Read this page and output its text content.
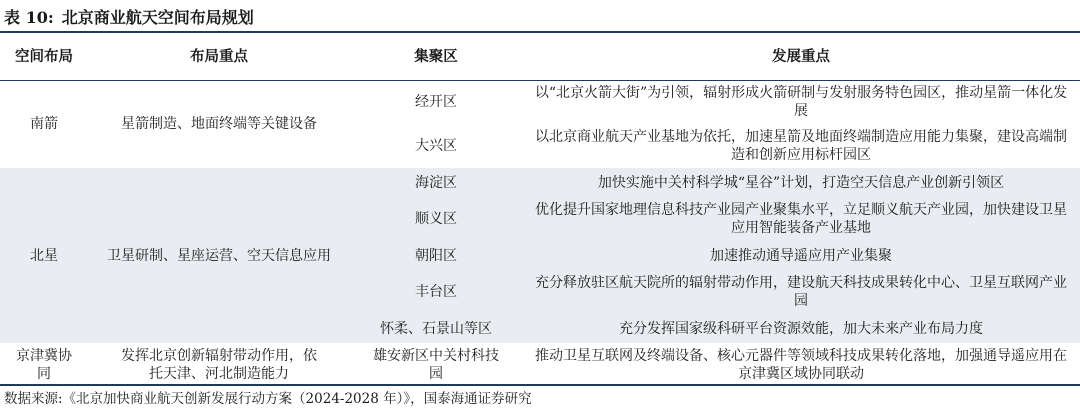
表 10: 北京商业航天空间布局规划
空间布局	布局重点	集聚区	发展重点
南箭	星箭制造、地面终端等关键设备	经开区	以“北京火箭大街”为引领，辐射形成火箭研制与发射服务特色园区，推动星箭一体化发展
		大兴区	以北京商业航天产业基地为依托，加速星箭及地面终端制造应用能力集聚，建设高端制造和创新应用标杆园区
北星	卫星研制、星座运营、空天信息应用	海淀区	加快实施中关村科学城“星谷”计划，打造空天信息产业创新引领区
		顺义区	优化提升国家地理信息科技产业园产业聚集水平，立足顺义航天产业园，加快建设卫星应用智能装备产业基地
		朝阳区	加速推动通导遥应用产业集聚
		丰台区	充分释放驻区航天院所的辐射带动作用，建设航天科技成果转化中心、卫星互联网产业园
		怀柔、石景山等区	充分发挥国家级科研平台资源效能，加大未来产业布局力度
京津冀协同	发挥北京创新辐射带动作用，依托天津、河北制造能力	雄安新区中关村科技园	推动卫星互联网及终端设备、核心元器件等领域科技成果转化落地，加强通导遥应用在京津冀区域协同联动
数据来源:《北京加快商业航天创新发展行动方案（2024-2028 年）》，国泰海通证券研究
